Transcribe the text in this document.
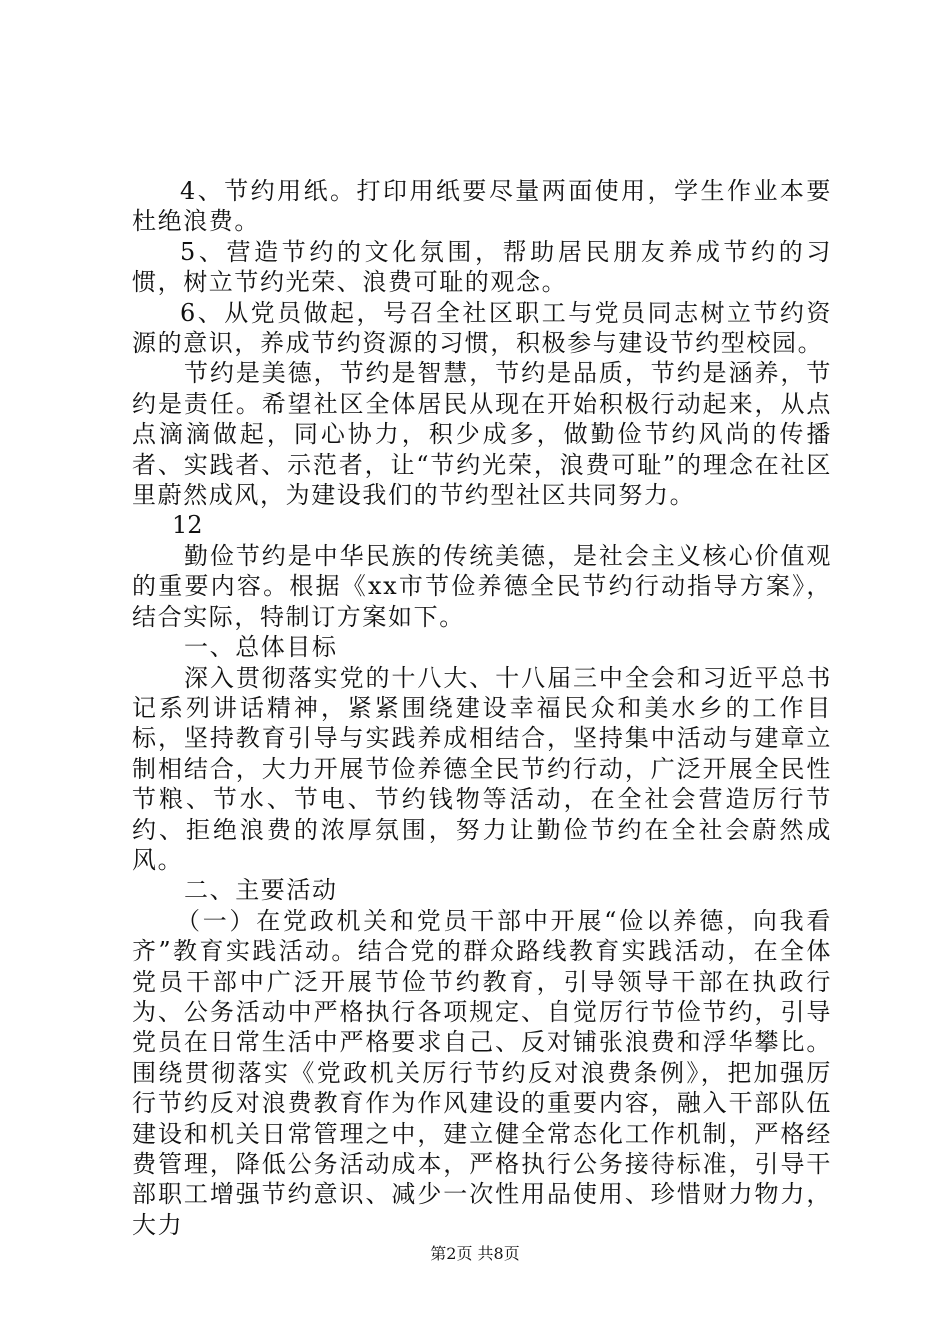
4、节约用纸。打印用纸要尽量两面使用，学生作业本要杜绝浪费。

5、营造节约的文化氛围，帮助居民朋友养成节约的习惯，树立节约光荣、浪费可耻的观念。

6、从党员做起，号召全社区职工与党员同志树立节约资源的意识，养成节约资源的习惯，积极参与建设节约型校园。

节约是美德，节约是智慧，节约是品质，节约是涵养，节约是责任。希望社区全体居民从现在开始积极行动起来，从点点滴滴做起，同心协力，积少成多，做勤俭节约风尚的传播者、实践者、示范者，让“节约光荣，浪费可耻”的理念在社区里蔚然成风，为建设我们的节约型社区共同努力。

12

勤俭节约是中华民族的传统美德，是社会主义核心价值观的重要内容。根据《xx市节俭养德全民节约行动指导方案》，结合实际，特制订方案如下。

一、总体目标

深入贯彻落实党的十八大、十八届三中全会和习近平总书记系列讲话精神，紧紧围绕建设幸福民众和美水乡的工作目标，坚持教育引导与实践养成相结合，坚持集中活动与建章立制相结合，大力开展节俭养德全民节约行动，广泛开展全民性节粮、节水、节电、节约钱物等活动，在全社会营造厉行节约、拒绝浪费的浓厚氛围，努力让勤俭节约在全社会蔚然成风。

二、主要活动

（一）在党政机关和党员干部中开展“俭以养德，向我看齐”教育实践活动。结合党的群众路线教育实践活动，在全体党员干部中广泛开展节俭节约教育，引导领导干部在执政行为、公务活动中严格执行各项规定、自觉厉行节俭节约，引导党员在日常生活中严格要求自己、反对铺张浪费和浮华攀比。围绕贯彻落实《党政机关厉行节约反对浪费条例》，把加强厉行节约反对浪费教育作为作风建设的重要内容，融入干部队伍建设和机关日常管理之中，建立健全常态化工作机制，严格经费管理，降低公务活动成本，严格执行公务接待标准，引导干部职工增强节约意识、减少一次性用品使用、珍惜财力物力，大力

第2页 共8页
